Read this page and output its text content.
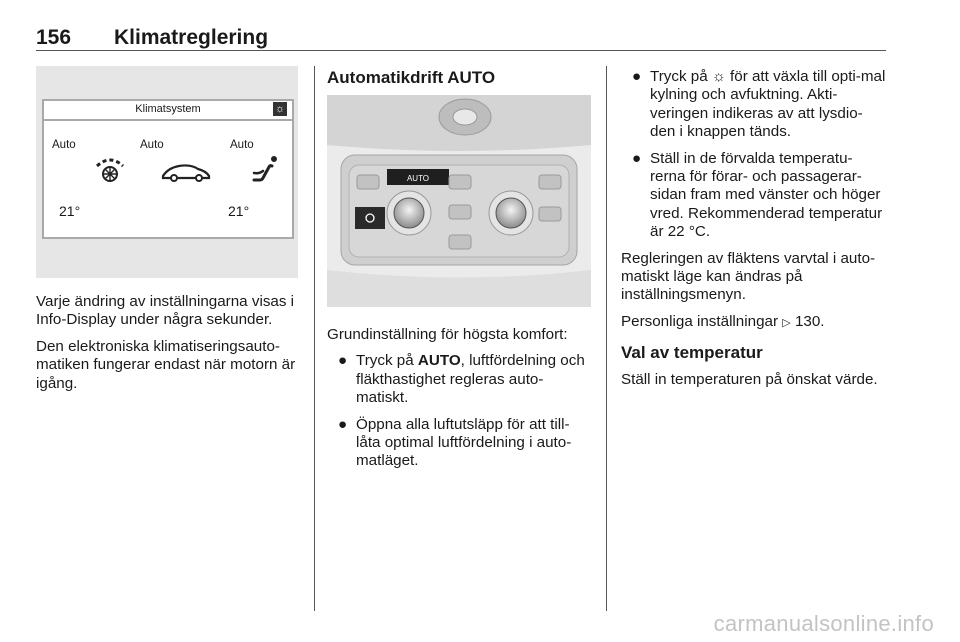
156 Klimatreglering
Klimatsystem	☼
Auto	Auto	Auto
21°	21°

Varje ändring av inställningarna visas i Info-Display under några sekunder.

Den elektroniska klimatiseringsauto-matiken fungerar endast när motorn är igång.

Automatikdrift AUTO
AUTO

Grundinställning för högsta komfort:

● Tryck på AUTO, luftfördelning och fläkthastighet regleras auto-matiskt.
● Öppna alla luftutsläpp för att till-låta optimal luftfördelning i auto-matläget.
● Tryck på ☼ för att växla till opti-mal kylning och avfuktning. Akti-veringen indikeras av att lysdio-den i knappen tänds.
● Ställ in de förvalda temperatu-rerna för förar- och passagerar-sidan fram med vänster och höger vred. Rekommenderad temperatur är 22 °C.

Regleringen av fläktens varvtal i auto-matiskt läge kan ändras på inställningsmenyn.

Personliga inställningar ▷ 130.

Val av temperatur

Ställ in temperaturen på önskat värde.

carmanualsonline.info
